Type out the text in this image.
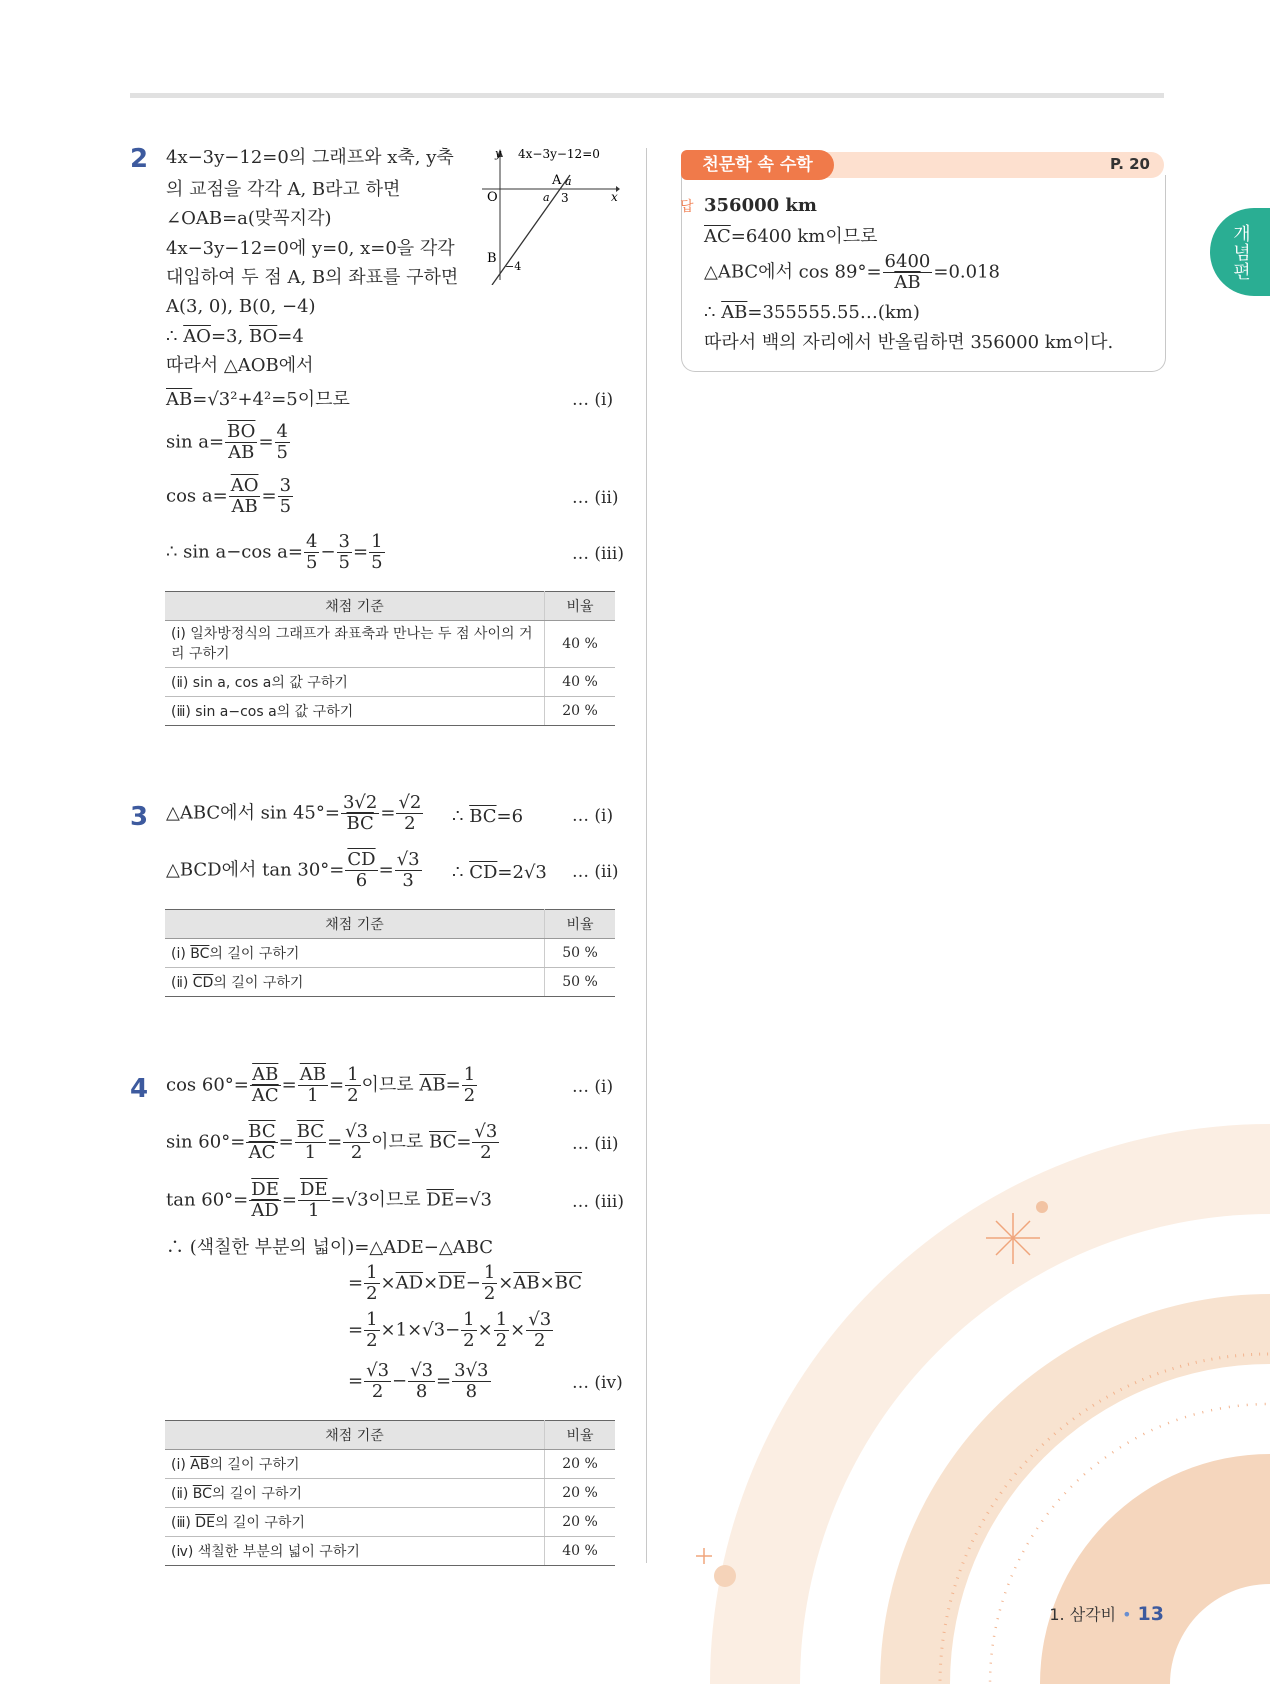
개념편
2 4x−3y−12=0의 그래프와 x축, y축
의 교점을 각각 A, B라고 하면
∠OAB=a(맞꼭지각)
4x−3y−12=0에 y=0, x=0을 각각
대입하여 두 점 A, B의 좌표를 구하면
A(3, 0), B(0, −4)
∴ $\overline{AO}=3$, $\overline{BO}=4$
따라서 △AOB에서
y 4x−3y−12=0
x
O
A a
a 3
B
−4
$\overline{AB}=√3^2+4^2=5$이므로	… (ⅰ)
$\sin a= \frac{\overline{BO}}{AB} = \frac{4}{5}$
$\cos a= \frac{\overline{AO}}{AB} = \frac{3}{5}$	… (ⅱ)
∴ sin a−cos $a= \frac{4}{5} - \frac{3}{5} = \frac{1}{5}$	… (ⅲ)
채점 기준	비율
(ⅰ) 일차방정식의 그래프가 좌표축과 만나는 두 점 사이의 거리 구하기	40 %
(ⅱ) sin a, cos a의 값 구하기	40 %
(ⅲ) sin a−cos a의 값 구하기	20 %
3 △ABC에서 $\sin 45^\circ= \frac{3√2}{BC} = \frac{√2}{2}$ ∴ $\overline{BC}=6$	… (ⅰ)
△BCD에서 $\tan 30^\circ= \frac{\overline{CD}}{6} = \frac{√3}{3}$ ∴ $\overline{CD}=2√3$ … (ⅱ)
채점 기준	비율
(ⅰ) $\overline{BC}$의 길이 구하기	50 %
(ⅱ) $\overline{CD}$의 길이 구하기	50 %
4 $\cos 60^\circ= \frac{\overline{AB}}{AC} = \frac{\overline{AB}}{1} = \frac{1}{2}$ 이므로 $\overline{AB}= \frac{1}{2}$	… (ⅰ)
$\sin 60^\circ= \frac{\overline{BC}}{AC} = \frac{\overline{BC}}{1} = \frac{√3}{2}$ 이므로 $\overline{BC}= \frac{√3}{2}$	… (ⅱ)
$\tan 60^\circ= \frac{\overline{DE}}{AD} = \frac{\overline{DE}}{1} =√3$이므로 $\overline{DE}=√3$	… (ⅲ)
∴ (색칠한 부분의 넓이)=△ADE−△ABC
= $\frac{1}{2} \times\overline{AD}\times\overline{DE}- \frac{1}{2} \times\overline{AB}\times\overline{BC}$
= $\frac{1}{2} \times 1\times√3- \frac{1}{2} \times \frac{1}{2} \times \frac{√3}{2}$
= $\frac{√3}{2} - \frac{√3}{8} = \frac{3√3}{8}$	… (ⅳ)
채점 기준	비율
(ⅰ) $\overline{AB}$의 길이 구하기	20 %
(ⅱ) $\overline{BC}$의 길이 구하기	20 %
(ⅲ) $\overline{DE}$의 길이 구하기	20 %
(ⅳ) 색칠한 부분의 넓이 구하기	40 %
천문학 속 수학	P. 20
답 356000 km
$\overline{AC}=6400$ km이므로
△ABC에서 $\cos 89^\circ= \frac{6400}{AB} =0.018$
∴ $\overline{AB}=355555.55\dots(km)$
따라서 백의 자리에서 반올림하면 356000 km이다.
1. 삼각비 • 13
